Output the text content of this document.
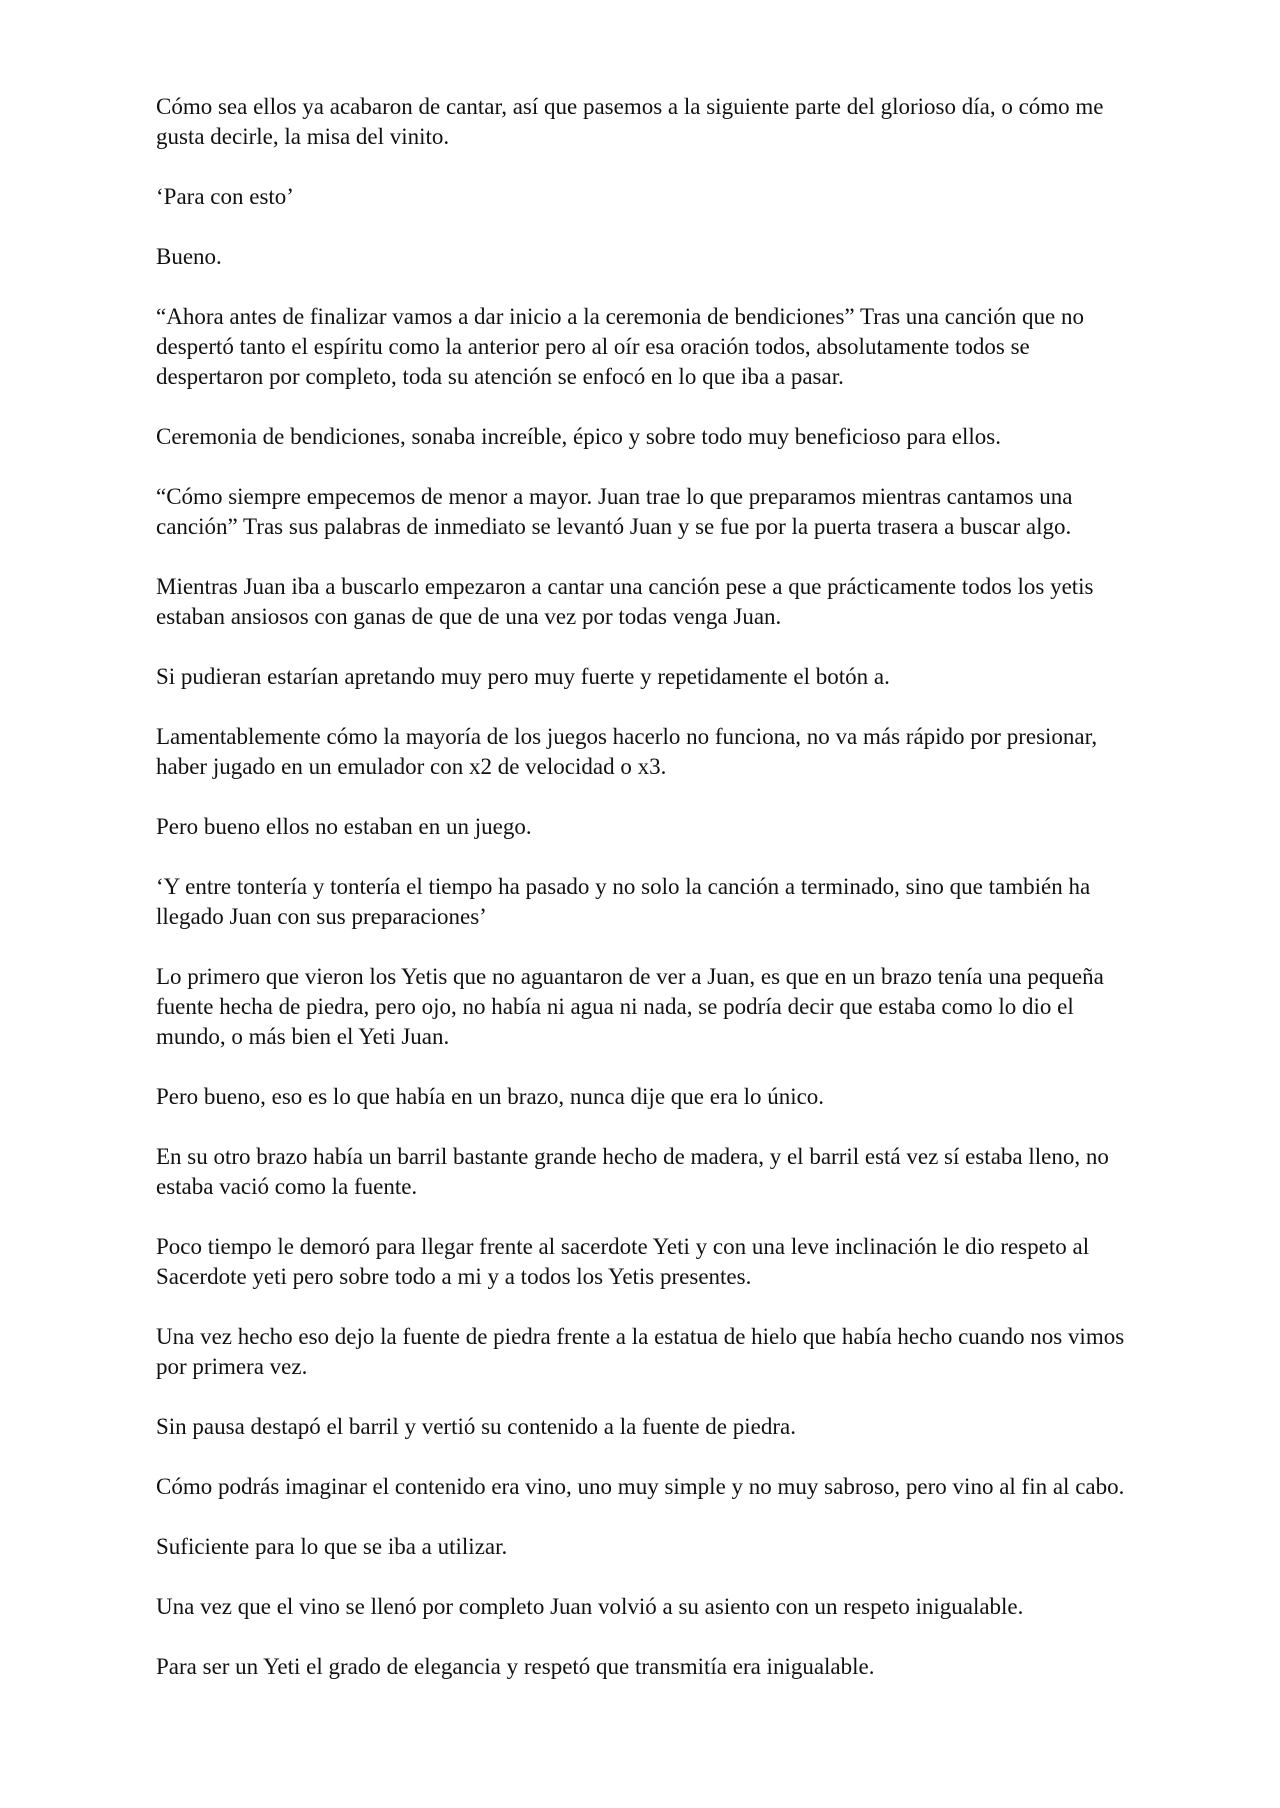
Cómo sea ellos ya acabaron de cantar, así que pasemos a la siguiente parte del glorioso día, o cómo me gusta decirle, la misa del vinito.

‘Para con esto’

Bueno.

“Ahora antes de finalizar vamos a dar inicio a la ceremonia de bendiciones” Tras una canción que no despertó tanto el espíritu como la anterior pero al oír esa oración todos, absolutamente todos se despertaron por completo, toda su atención se enfocó en lo que iba a pasar.

Ceremonia de bendiciones, sonaba increíble, épico y sobre todo muy beneficioso para ellos.

“Cómo siempre empecemos de menor a mayor. Juan trae lo que preparamos mientras cantamos una canción” Tras sus palabras de inmediato se levantó Juan y se fue por la puerta trasera a buscar algo.

Mientras Juan iba a buscarlo empezaron a cantar una canción pese a que prácticamente todos los yetis estaban ansiosos con ganas de que de una vez por todas venga Juan.

Si pudieran estarían apretando muy pero muy fuerte y repetidamente el botón a.

Lamentablemente cómo la mayoría de los juegos hacerlo no funciona, no va más rápido por presionar, haber jugado en un emulador con x2 de velocidad o x3.

Pero bueno ellos no estaban en un juego.

‘Y entre tontería y tontería el tiempo ha pasado y no solo la canción a terminado, sino que también ha llegado Juan con sus preparaciones’

Lo primero que vieron los Yetis que no aguantaron de ver a Juan, es que en un brazo tenía una pequeña fuente hecha de piedra, pero ojo, no había ni agua ni nada, se podría decir que estaba como lo dio el mundo, o más bien el Yeti Juan.

Pero bueno, eso es lo que había en un brazo, nunca dije que era lo único.

En su otro brazo había un barril bastante grande hecho de madera, y el barril está vez sí estaba lleno, no estaba vació como la fuente.

Poco tiempo le demoró para llegar frente al sacerdote Yeti y con una leve inclinación le dio respeto al Sacerdote yeti pero sobre todo a mi y a todos los Yetis presentes.

Una vez hecho eso dejo la fuente de piedra frente a la estatua de hielo que había hecho cuando nos vimos por primera vez.

Sin pausa destapó el barril y vertió su contenido a la fuente de piedra.

Cómo podrás imaginar el contenido era vino, uno muy simple y no muy sabroso, pero vino al fin al cabo.

Suficiente para lo que se iba a utilizar.

Una vez que el vino se llenó por completo Juan volvió a su asiento con un respeto inigualable.

Para ser un Yeti el grado de elegancia y respetó que transmitía era inigualable.
